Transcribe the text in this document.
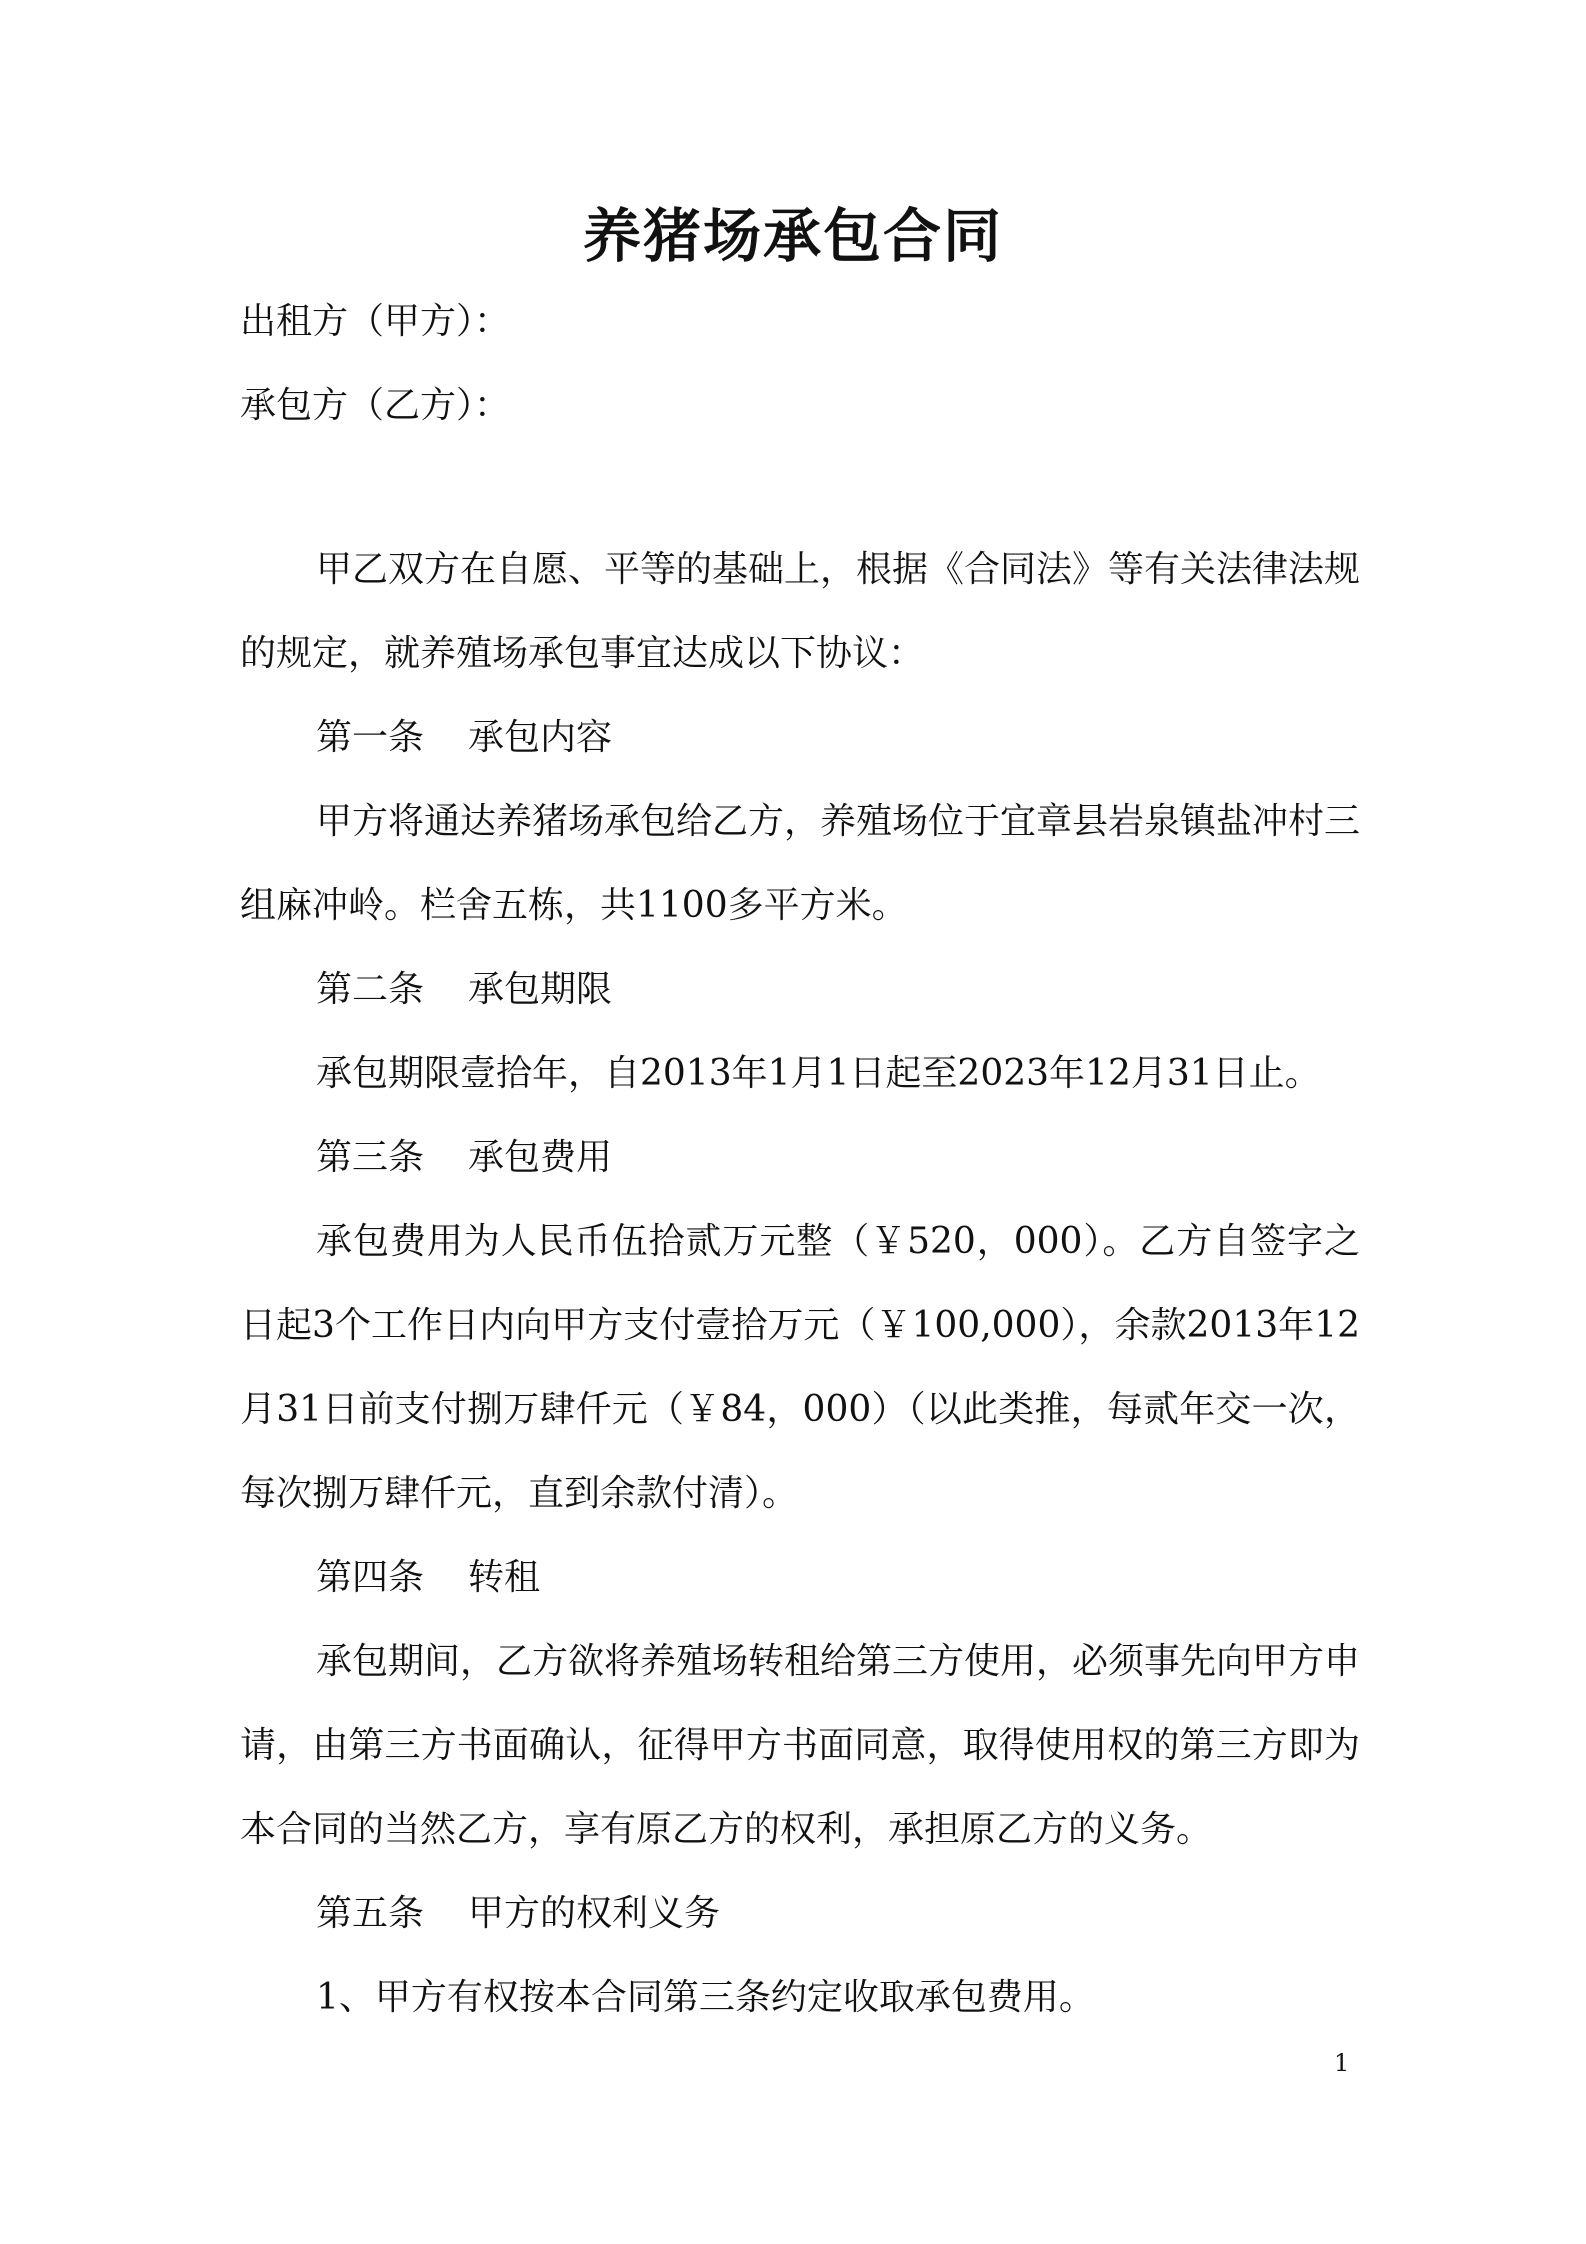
养猪场承包合同

出租方（甲方）：

承包方（乙方）：

甲乙双方在自愿、平等的基础上，根据《合同法》等有关法律法规的规定，就养殖场承包事宜达成以下协议：

第一条 承包内容

甲方将通达养猪场承包给乙方，养殖场位于宜章县岩泉镇盐冲村三组麻冲岭。栏舍五栋，共1100多平方米。

第二条 承包期限

承包期限壹拾年，自2013年1月1日起至2023年12月31日止。

第三条 承包费用

承包费用为人民币伍拾贰万元整（￥520，000）。乙方自签字之日起3个工作日内向甲方支付壹拾万元（￥100,000），余款2013年12月31日前支付捌万肆仟元（￥84，000）（以此类推，每贰年交一次，每次捌万肆仟元，直到余款付清）。

第四条 转租

承包期间，乙方欲将养殖场转租给第三方使用，必须事先向甲方申请，由第三方书面确认，征得甲方书面同意，取得使用权的第三方即为本合同的当然乙方，享有原乙方的权利，承担原乙方的义务。

第五条 甲方的权利义务

1、甲方有权按本合同第三条约定收取承包费用。

1
